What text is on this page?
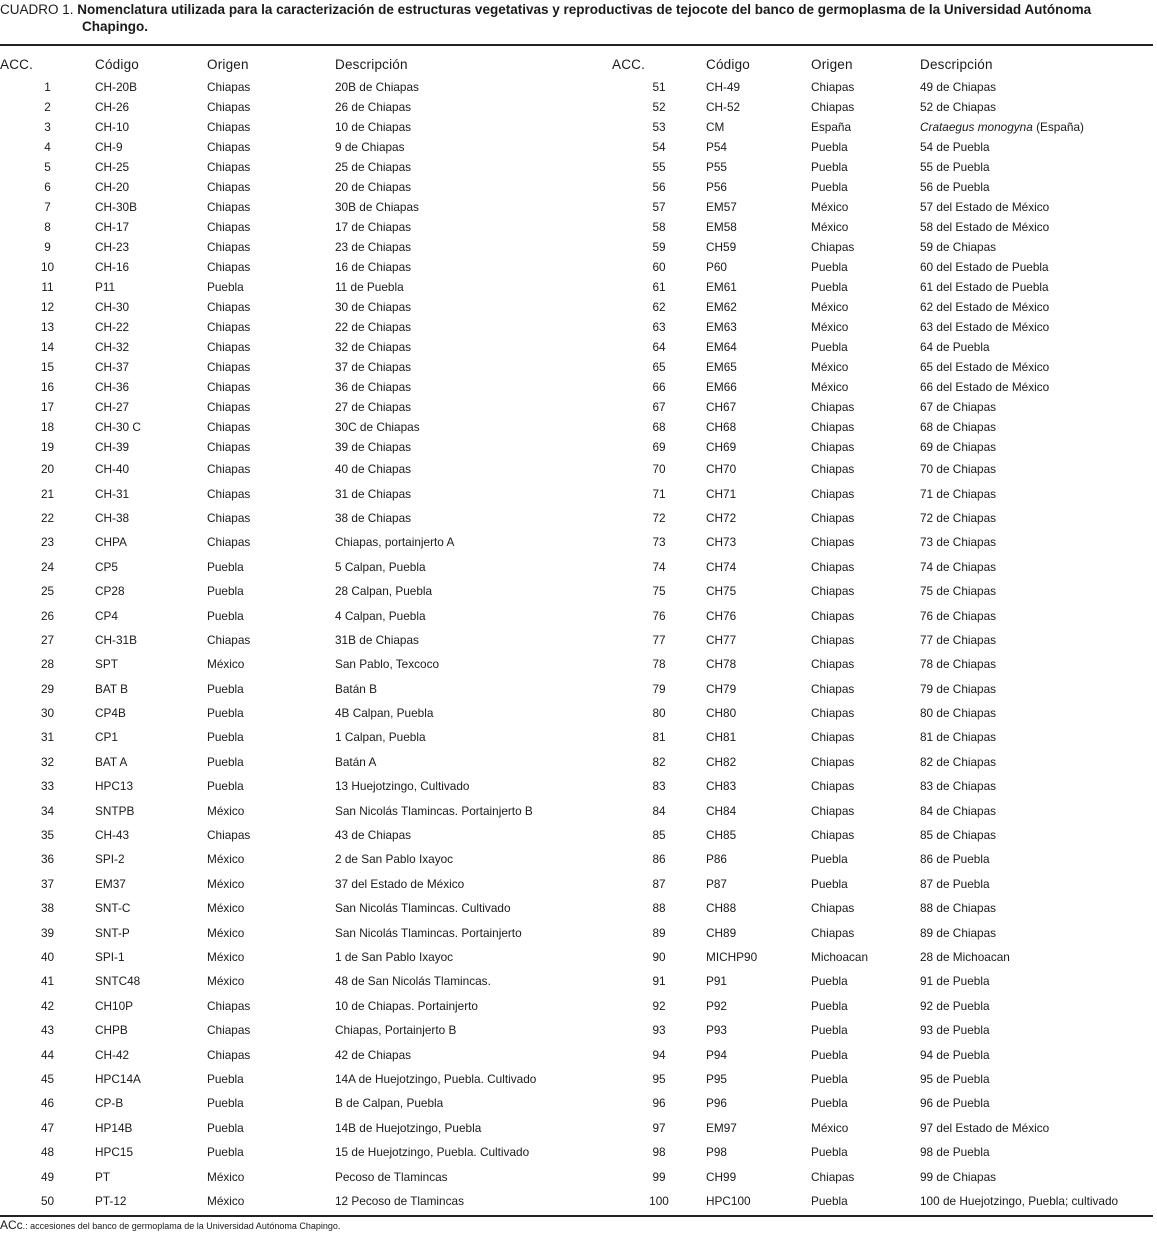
CUADRO 1. Nomenclatura utilizada para la caracterización de estructuras vegetativas y reproductivas de tejocote del banco de germoplasma de la Universidad Autónoma
Chapingo.
ACC.	Código	Origen	Descripción	ACC.	Código	Origen	Descripción
1	CH-20B	Chiapas	20B de Chiapas	51	CH-49	Chiapas	49 de Chiapas
2	CH-26	Chiapas	26 de Chiapas	52	CH-52	Chiapas	52 de Chiapas
3	CH-10	Chiapas	10 de Chiapas	53	CM	España	Crataegus monogyna (España)
4	CH-9	Chiapas	9 de Chiapas	54	P54	Puebla	54 de Puebla
5	CH-25	Chiapas	25 de Chiapas	55	P55	Puebla	55 de Puebla
6	CH-20	Chiapas	20 de Chiapas	56	P56	Puebla	56 de Puebla
7	CH-30B	Chiapas	30B de Chiapas	57	EM57	México	57 del Estado de México
8	CH-17	Chiapas	17 de Chiapas	58	EM58	México	58 del Estado de México
9	CH-23	Chiapas	23 de Chiapas	59	CH59	Chiapas	59 de Chiapas
10	CH-16	Chiapas	16 de Chiapas	60	P60	Puebla	60 del Estado de Puebla
11	P11	Puebla	11 de Puebla	61	EM61	Puebla	61 del Estado de Puebla
12	CH-30	Chiapas	30 de Chiapas	62	EM62	México	62 del Estado de México
13	CH-22	Chiapas	22 de Chiapas	63	EM63	México	63 del Estado de México
14	CH-32	Chiapas	32 de Chiapas	64	EM64	Puebla	64 de Puebla
15	CH-37	Chiapas	37 de Chiapas	65	EM65	México	65 del Estado de México
16	CH-36	Chiapas	36 de Chiapas	66	EM66	México	66 del Estado de México
17	CH-27	Chiapas	27 de Chiapas	67	CH67	Chiapas	67 de Chiapas
18	CH-30 C	Chiapas	30C de Chiapas	68	CH68	Chiapas	68 de Chiapas
19	CH-39	Chiapas	39 de Chiapas	69	CH69	Chiapas	69 de Chiapas
20	CH-40	Chiapas	40 de Chiapas	70	CH70	Chiapas	70 de Chiapas
21	CH-31	Chiapas	31 de Chiapas	71	CH71	Chiapas	71 de Chiapas
22	CH-38	Chiapas	38 de Chiapas	72	CH72	Chiapas	72 de Chiapas
23	CHPA	Chiapas	Chiapas, portainjerto A	73	CH73	Chiapas	73 de Chiapas
24	CP5	Puebla	5 Calpan, Puebla	74	CH74	Chiapas	74 de Chiapas
25	CP28	Puebla	28 Calpan, Puebla	75	CH75	Chiapas	75 de Chiapas
26	CP4	Puebla	4 Calpan, Puebla	76	CH76	Chiapas	76 de Chiapas
27	CH-31B	Chiapas	31B de Chiapas	77	CH77	Chiapas	77 de Chiapas
28	SPT	México	San Pablo, Texcoco	78	CH78	Chiapas	78 de Chiapas
29	BAT B	Puebla	Batán B	79	CH79	Chiapas	79 de Chiapas
30	CP4B	Puebla	4B Calpan, Puebla	80	CH80	Chiapas	80 de Chiapas
31	CP1	Puebla	1 Calpan, Puebla	81	CH81	Chiapas	81 de Chiapas
32	BAT A	Puebla	Batán A	82	CH82	Chiapas	82 de Chiapas
33	HPC13	Puebla	13 Huejotzingo, Cultivado	83	CH83	Chiapas	83 de Chiapas
34	SNTPB	México	San Nicolás Tlamincas. Portainjerto B	84	CH84	Chiapas	84 de Chiapas
35	CH-43	Chiapas	43 de Chiapas	85	CH85	Chiapas	85 de Chiapas
36	SPI-2	México	2 de San Pablo Ixayoc	86	P86	Puebla	86 de Puebla
37	EM37	México	37 del Estado de México	87	P87	Puebla	87 de Puebla
38	SNT-C	México	San Nicolás Tlamincas. Cultivado	88	CH88	Chiapas	88 de Chiapas
39	SNT-P	México	San Nicolás Tlamincas. Portainjerto	89	CH89	Chiapas	89 de Chiapas
40	SPI-1	México	1 de San Pablo Ixayoc	90	MICHP90	Michoacan	28 de Michoacan
41	SNTC48	México	48 de San Nicolás Tlamincas.	91	P91	Puebla	91 de Puebla
42	CH10P	Chiapas	10 de Chiapas. Portainjerto	92	P92	Puebla	92 de Puebla
43	CHPB	Chiapas	Chiapas, Portainjerto B	93	P93	Puebla	93 de Puebla
44	CH-42	Chiapas	42 de Chiapas	94	P94	Puebla	94 de Puebla
45	HPC14A	Puebla	14A de Huejotzingo, Puebla. Cultivado	95	P95	Puebla	95 de Puebla
46	CP-B	Puebla	B de Calpan, Puebla	96	P96	Puebla	96 de Puebla
47	HP14B	Puebla	14B de Huejotzingo, Puebla	97	EM97	México	97 del Estado de México
48	HPC15	Puebla	15 de Huejotzingo, Puebla. Cultivado	98	P98	Puebla	98 de Puebla
49	PT	México	Pecoso de Tlamincas	99	CH99	Chiapas	99 de Chiapas
50	PT-12	México	12 Pecoso de Tlamincas	100	HPC100	Puebla	100 de Huejotzingo, Puebla; cultivado
ACc.: accesiones del banco de germoplama de la Universidad Autónoma Chapingo.
